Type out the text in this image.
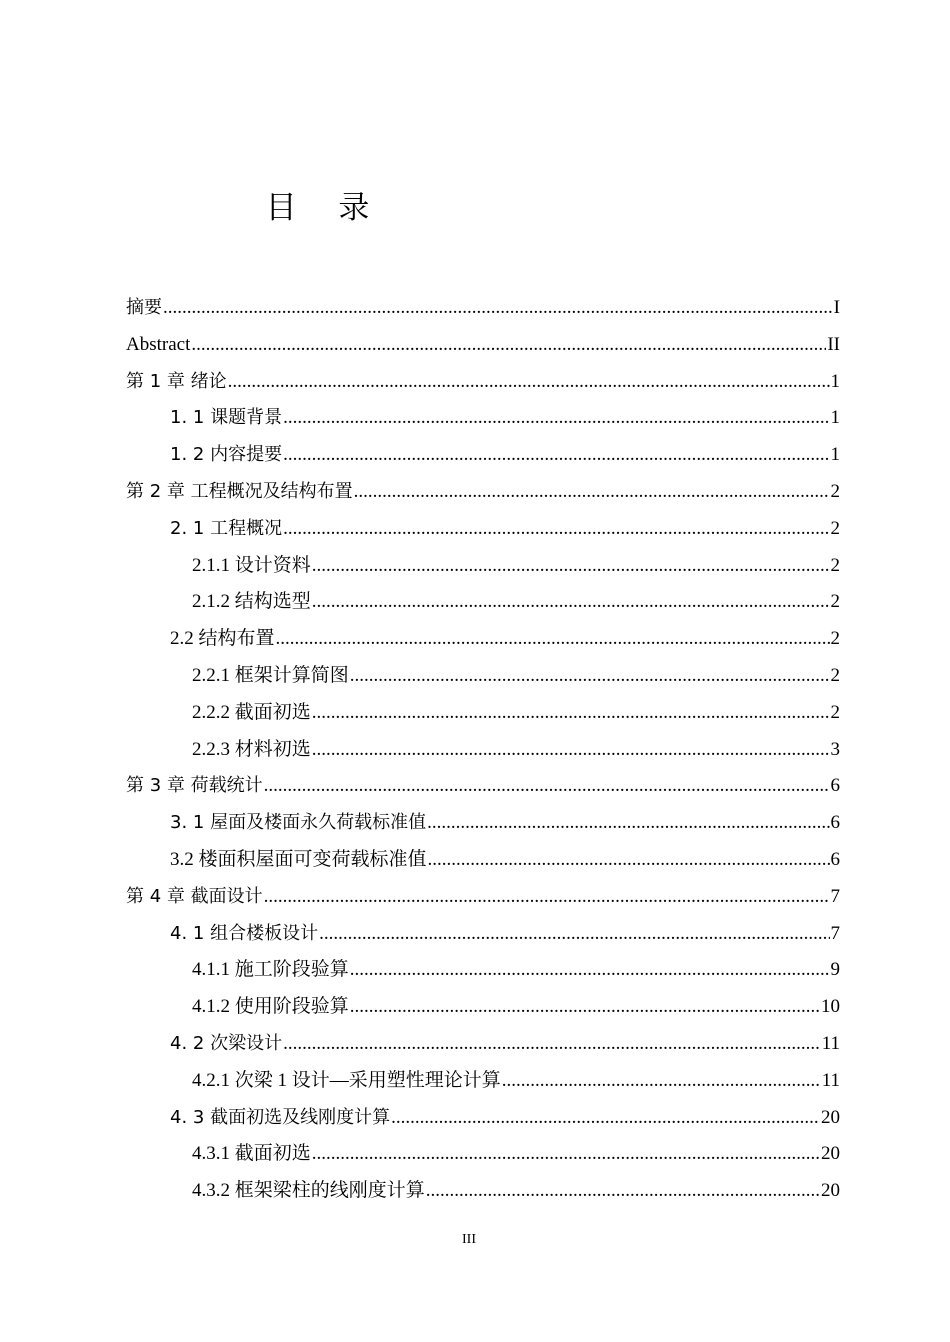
目 录
摘要 .....	I
Abstract .....	II
第 1 章 绪论 .....	1
1. 1 课题背景 .....	1
1. 2 内容提要 .....	1
第 2 章 工程概况及结构布置 .....	2
2. 1 工程概况 .....	2
2.1.1 设计资料 .....	2
2.1.2 结构选型 .....	2
2.2 结构布置 .....	2
2.2.1 框架计算简图 .....	2
2.2.2 截面初选 .....	2
2.2.3 材料初选 .....	3
第 3 章 荷载统计 .....	6
3. 1 屋面及楼面永久荷载标准值 .....	6
3.2 楼面积屋面可变荷载标准值 .....	6
第 4 章 截面设计 .....	7
4. 1 组合楼板设计 .....	7
4.1.1 施工阶段验算 .....	9
4.1.2 使用阶段验算 .....	10
4. 2 次梁设计 .....	11
4.2.1 次梁 1 设计—采用塑性理论计算 .....	11
4. 3 截面初选及线刚度计算 .....	20
4.3.1 截面初选 .....	20
4.3.2 框架梁柱的线刚度计算 .....	20
III
